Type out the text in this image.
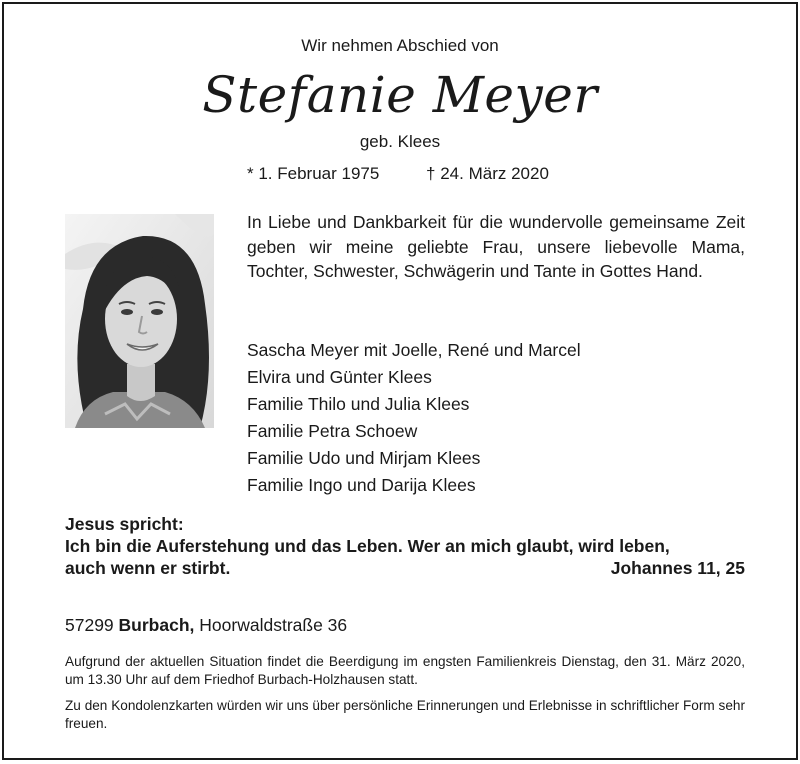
Wir nehmen Abschied von
Stefanie Meyer
geb. Klees
* 1. Februar 1975	† 24. März 2020
In Liebe und Dankbarkeit für die wundervolle gemeinsame Zeit geben wir meine geliebte Frau, unsere liebevolle Mama, Tochter, Schwester, Schwägerin und Tante in Gottes Hand.
Sascha Meyer mit Joelle, René und Marcel
Elvira und Günter Klees
Familie Thilo und Julia Klees
Familie Petra Schoew
Familie Udo und Mirjam Klees
Familie Ingo und Darija Klees
Jesus spricht:
Ich bin die Auferstehung und das Leben. Wer an mich glaubt, wird leben,
auch wenn er stirbt.	Johannes 11, 25
57299 Burbach, Hoorwaldstraße 36

Aufgrund der aktuellen Situation findet die Beerdigung im engsten Familienkreis Dienstag, den 31. März 2020, um 13.30 Uhr auf dem Friedhof Burbach-Holzhausen statt.

Zu den Kondolenzkarten würden wir uns über persönliche Erinnerungen und Erlebnisse in schriftlicher Form sehr freuen.
